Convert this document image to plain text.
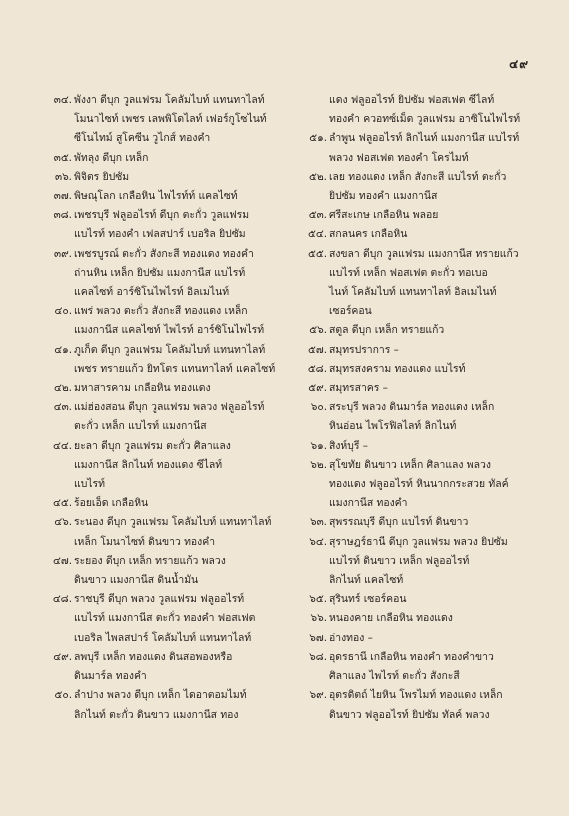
๔๙
๓๔. พังงา ดีบุก วูลแฟรม โคลัมไบท์ แทนทาไลท์
โมนาไซท์ เพชร เลพพิโดไลท์ เฟอร์กูโซไนท์
ซีโนไทม์ สูโคซีน วูไกส์ ทองคำ
๓๕. พัทลุง ดีบุก เหล็ก
๓๖. พิจิตร ยิปซัม
๓๗. พิษณุโลก เกลือหิน ไพไรท์ท์ แคลไซท์
๓๘. เพชรบุรี ฟลูออไรท์ ดีบุก ตะกั่ว วูลแฟรม
แบไรท์ ทองคำ เฟลสปาร์ เบอริล ยิปซัม
๓๙. เพชรบูรณ์ ตะกั่ว สังกะสี ทองแดง ทองคำ
ถ่านหิน เหล็ก ยิปซัม แมงกานีส แบไรท์
แคลไซท์ อาร์ซิโนไพไรท์ อิลเมไนท์
๔๐. แพร่ พลวง ตะกั่ว สังกะสี ทองแดง เหล็ก
แมงกานีส แคลไซท์ ไพไรท์ อาร์ซิโนไพไรท์
๔๑. ภูเก็ต ดีบุก วูลแฟรม โคลัมไบท์ แทนทาไลท์
เพชร ทรายแก้ว ยิทโตร แทนทาไลท์ แคลไซท์
๔๒. มหาสารคาม เกลือหิน ทองแดง
๔๓. แม่ฮ่องสอน ดีบุก วูลแฟรม พลวง ฟลูออไรท์
ตะกั่ว เหล็ก แบไรท์ แมงกานีส
๔๔. ยะลา ดีบุก วูลแฟรม ตะกั่ว ศิลาแลง
แมงกานีส ลิกไนท์ ทองแดง ซีไลท์
แบไรท์
๔๕. ร้อยเอ็ด เกลือหิน
๔๖. ระนอง ดีบุก วูลแฟรม โคลัมไบท์ แทนทาไลท์
เหล็ก โมนาไซท์ ดินขาว ทองคำ
๔๗. ระยอง ดีบุก เหล็ก ทรายแก้ว พลวง
ดินขาว แมงกานีส ดินน้ำมัน
๔๘. ราชบุรี ดีบุก พลวง วูลแฟรม ฟลูออไรท์
แบไรท์ แมงกานีส ตะกั่ว ทองคำ ฟอสเฟต
เบอริล ไพลสปาร์ โคลัมไบท์ แทนทาไลท์
๔๙. ลพบุรี เหล็ก ทองแดง ดินสอพองหรือ
ดินมาร์ล ทองคำ
๕๐. ลำปาง พลวง ดีบุก เหล็ก ไดอาตอมไมท์
ลิกไนท์ ตะกั่ว ดินขาว แมงกานีส ทอง
แดง ฟลูออไรท์ ยิปซัม ฟอสเฟต ซีไลท์
ทองคำ ควอทซ์เม็ด วูลแฟรม อาซิโนไพไรท์
๕๑. ลำพูน ฟลูออไรท์ ลิกไนท์ แมงกานีส แบไรท์
พลวง ฟอสเฟต ทองคำ โครไมท์
๕๒. เลย ทองแดง เหล็ก สังกะสี แบไรท์ ตะกั่ว
ยิปซัม ทองคำ แมงกานีส
๕๓. ศรีสะเกษ เกลือหิน พลอย
๕๔. สกลนคร เกลือหิน
๕๕. สงขลา ดีบุก วูลแฟรม แมงกานีส ทรายแก้ว
แบไรท์ เหล็ก ฟอสเฟต ตะกั่ว ทอเบอ
ไนท์ โคลัมไบท์ แทนทาไลท์ อิลเมไนท์
เซอร์คอน
๕๖. สตูล ดีบุก เหล็ก ทรายแก้ว
๕๗. สมุทรปราการ –
๕๘. สมุทรสงคราม ทองแดง แบไรท์
๕๙. สมุทรสาคร –
๖๐. สระบุรี พลวง ดินมาร์ล ทองแดง เหล็ก
หินอ่อน ไพโรฟิลไลท์ ลิกไนท์
๖๑. สิงห์บุรี –
๖๒. สุโขทัย ดินขาว เหล็ก ศิลาแลง พลวง
ทองแดง ฟลูออไรท์ หินนากกระสวย ทัลค์
แมงกานีส ทองคำ
๖๓. สุพรรณบุรี ดีบุก แบไรท์ ดินขาว
๖๔. สุราษฎร์ธานี ดีบุก วูลแฟรม พลวง ยิปซัม
แบไรท์ ดินขาว เหล็ก ฟลูออไรท์
ลิกไนท์ แคลไซท์
๖๕. สุรินทร์ เซอร์คอน
๖๖. หนองคาย เกลือหิน ทองแดง
๖๗. อ่างทอง –
๖๘. อุดรธานี เกลือหิน ทองคำ ทองคำขาว
ศิลาแลง ไพไรท์ ตะกั่ว สังกะสี
๖๙. อุตรดิตถ์ ไยหิน โพรไมท์ ทองแดง เหล็ก
ดินขาว ฟลูออไรท์ ยิปซัม ทัลค์ พลวง
